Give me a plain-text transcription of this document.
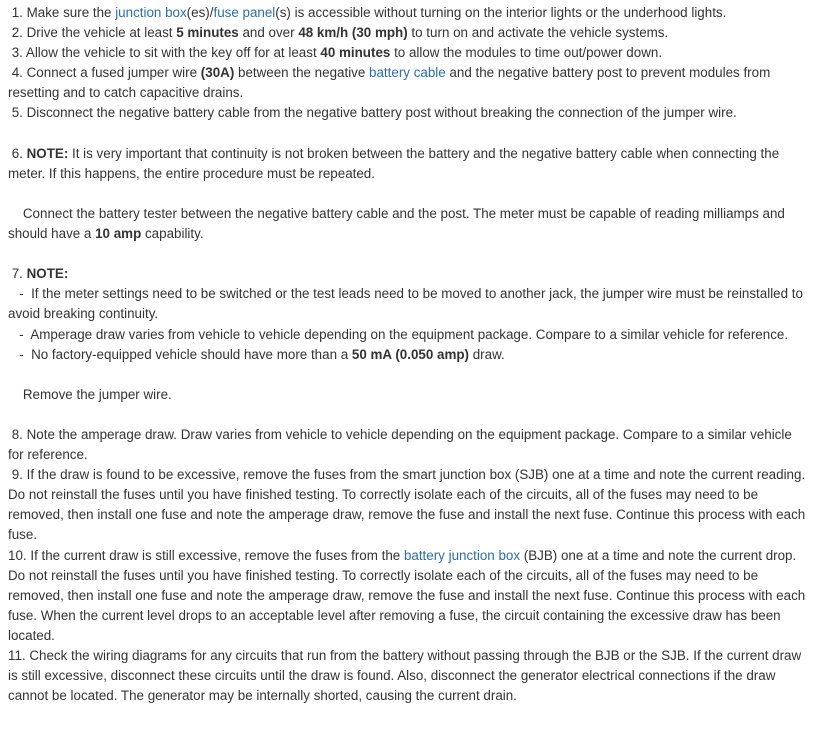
1. Make sure the junction box(es)/fuse panel(s) is accessible without turning on the interior lights or the underhood lights.
2. Drive the vehicle at least 5 minutes and over 48 km/h (30 mph) to turn on and activate the vehicle systems.
3. Allow the vehicle to sit with the key off for at least 40 minutes to allow the modules to time out/power down.
4. Connect a fused jumper wire (30A) between the negative battery cable and the negative battery post to prevent modules from resetting and to catch capacitive drains.
5. Disconnect the negative battery cable from the negative battery post without breaking the connection of the jumper wire.
6. NOTE: It is very important that continuity is not broken between the battery and the negative battery cable when connecting the meter. If this happens, the entire procedure must be repeated.
Connect the battery tester between the negative battery cable and the post. The meter must be capable of reading milliamps and should have a 10 amp capability.
7. NOTE:
-  If the meter settings need to be switched or the test leads need to be moved to another jack, the jumper wire must be reinstalled to avoid breaking continuity.
-  Amperage draw varies from vehicle to vehicle depending on the equipment package. Compare to a similar vehicle for reference.
-  No factory-equipped vehicle should have more than a 50 mA (0.050 amp) draw.
Remove the jumper wire.
8. Note the amperage draw. Draw varies from vehicle to vehicle depending on the equipment package. Compare to a similar vehicle for reference.
9. If the draw is found to be excessive, remove the fuses from the smart junction box (SJB) one at a time and note the current reading. Do not reinstall the fuses until you have finished testing. To correctly isolate each of the circuits, all of the fuses may need to be removed, then install one fuse and note the amperage draw, remove the fuse and install the next fuse. Continue this process with each fuse.
10. If the current draw is still excessive, remove the fuses from the battery junction box (BJB) one at a time and note the current drop. Do not reinstall the fuses until you have finished testing. To correctly isolate each of the circuits, all of the fuses may need to be removed, then install one fuse and note the amperage draw, remove the fuse and install the next fuse. Continue this process with each fuse. When the current level drops to an acceptable level after removing a fuse, the circuit containing the excessive draw has been located.
11. Check the wiring diagrams for any circuits that run from the battery without passing through the BJB or the SJB. If the current draw is still excessive, disconnect these circuits until the draw is found. Also, disconnect the generator electrical connections if the draw cannot be located. The generator may be internally shorted, causing the current drain.
